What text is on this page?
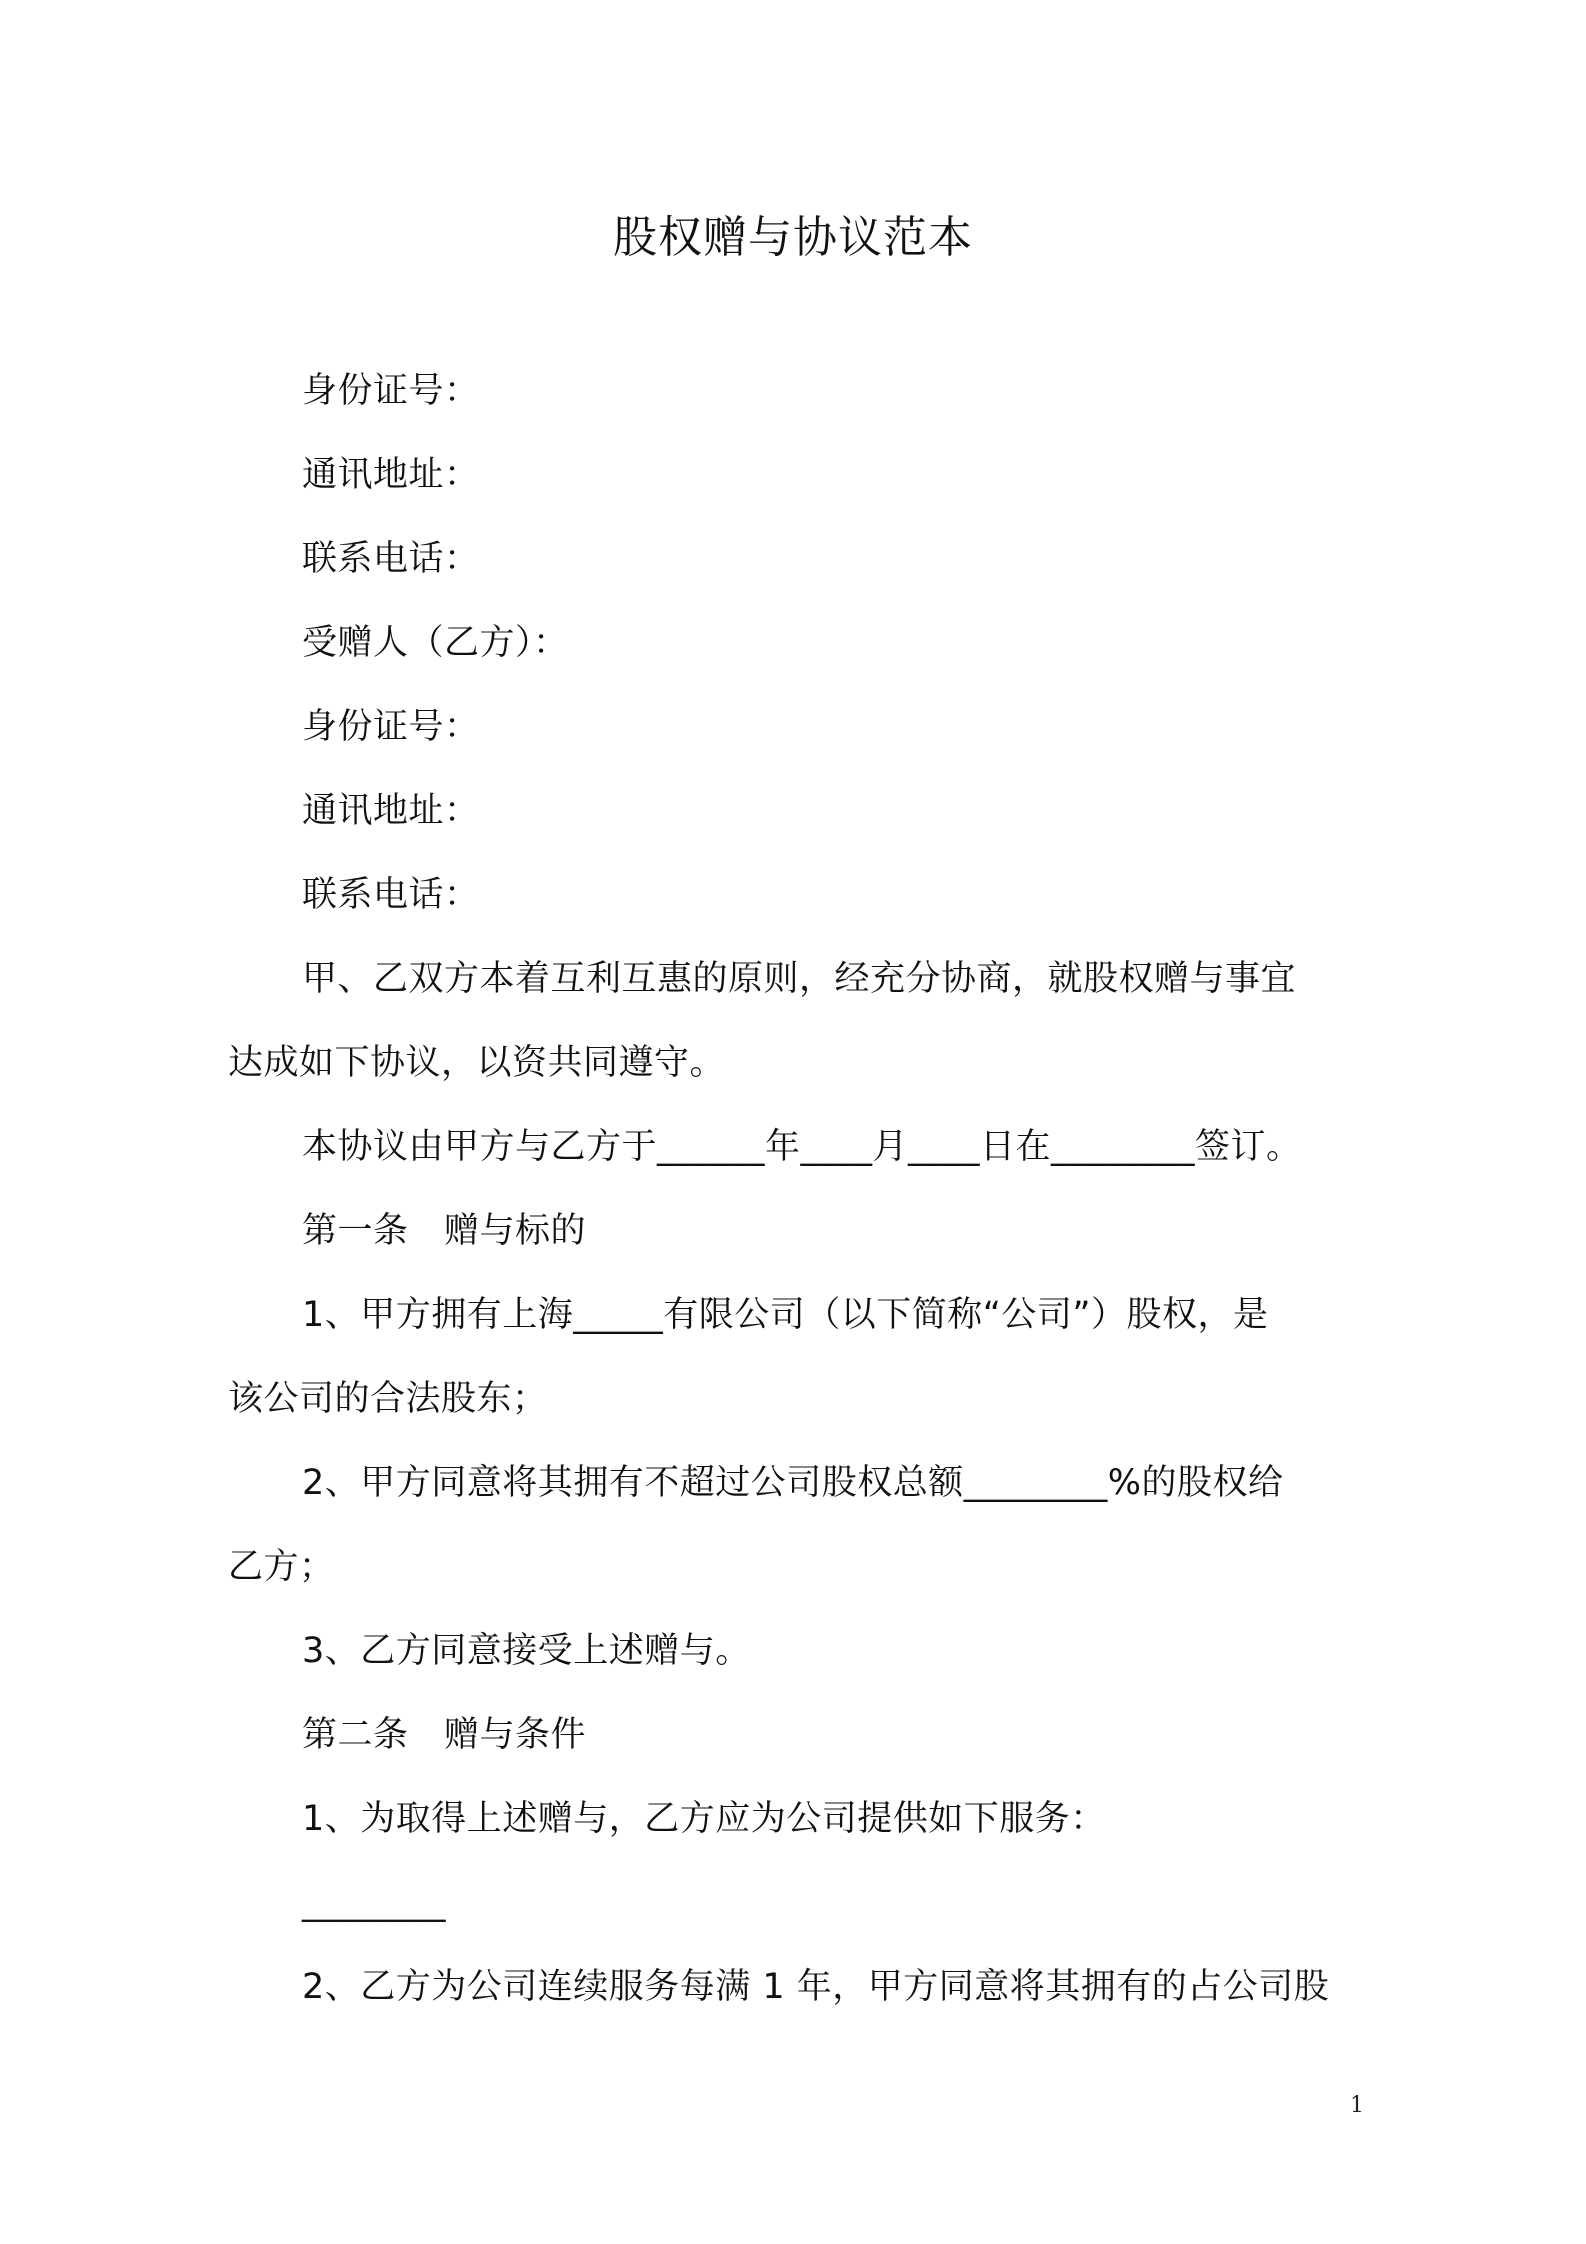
股权赠与协议范本
身份证号：
通讯地址：
联系电话：
受赠人（乙方）：
身份证号：
通讯地址：
联系电话：
甲、乙双方本着互利互惠的原则，经充分协商，就股权赠与事宜
达成如下协议，以资共同遵守。
本协议由甲方与乙方于______年____月____日在________签订。
第一条　赠与标的
1、甲方拥有上海_____有限公司（以下简称“公司”）股权，是
该公司的合法股东；
2、甲方同意将其拥有不超过公司股权总额________%的股权给
乙方；
3、乙方同意接受上述赠与。
第二条　赠与条件
1、为取得上述赠与，乙方应为公司提供如下服务：
________
2、乙方为公司连续服务每满 1 年，甲方同意将其拥有的占公司股
1
